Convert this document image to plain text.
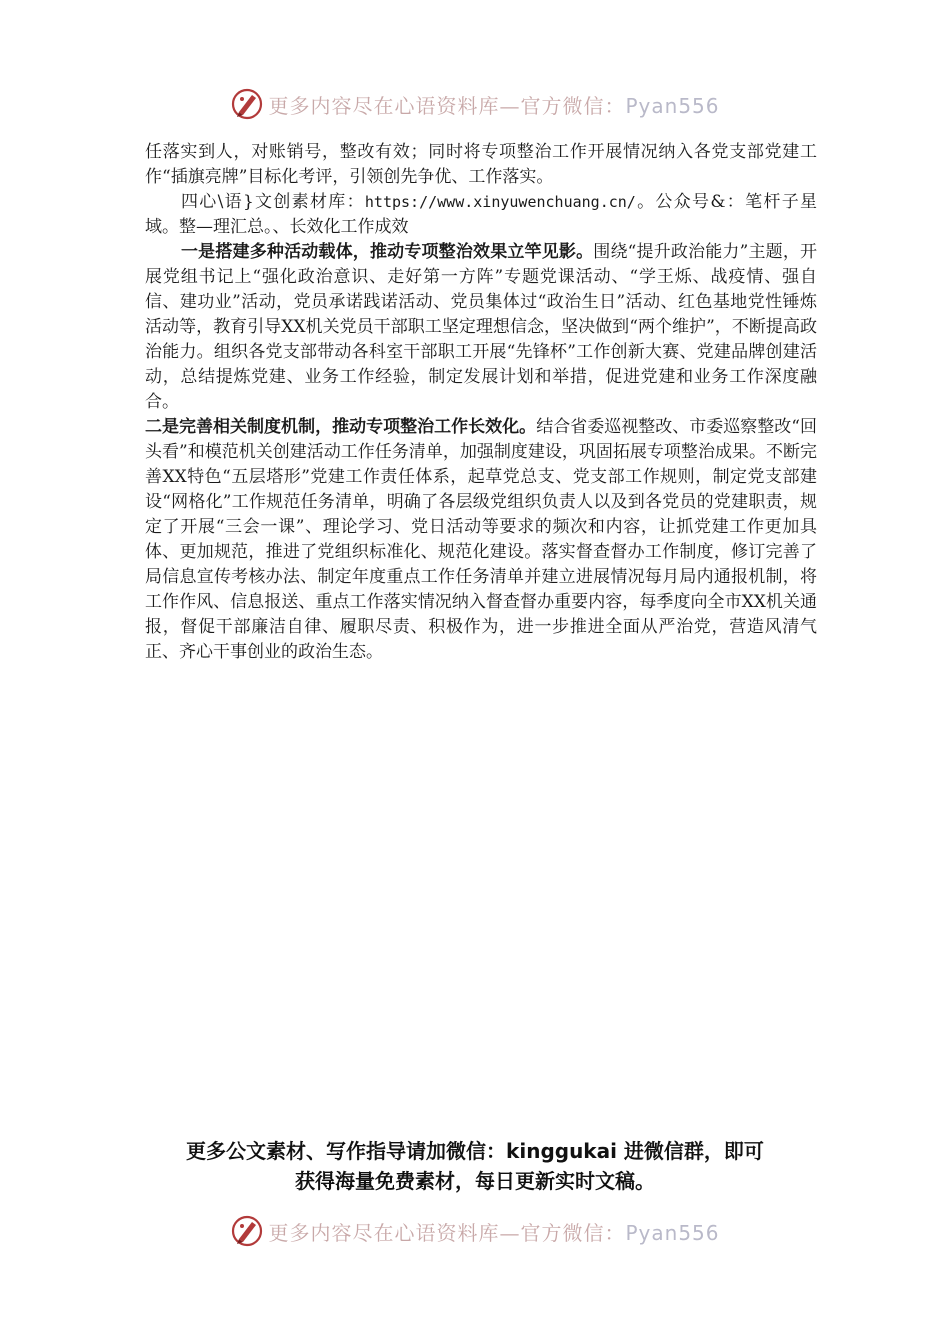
更多内容尽在心语资料库—官方微信：Pyan556

任落实到人，对账销号，整改有效；同时将专项整治工作开展情况纳入各党支部党建工作“插旗亮牌”目标化考评，引领创先争优、工作落实。

四心\语}文创素材库：https://www.xinyuwenchuang.cn/。公众号&：笔杆子星域。整—理汇总。、长效化工作成效

一是搭建多种活动载体，推动专项整治效果立竿见影。围绕“提升政治能力”主题，开展党组书记上“强化政治意识、走好第一方阵”专题党课活动、“学王烁、战疫情、强自信、建功业”活动，党员承诺践诺活动、党员集体过“政治生日”活动、红色基地党性锤炼活动等，教育引导XX机关党员干部职工坚定理想信念，坚决做到“两个维护”，不断提高政治能力。组织各党支部带动各科室干部职工开展“先锋杯”工作创新大赛、党建品牌创建活动，总结提炼党建、业务工作经验，制定发展计划和举措，促进党建和业务工作深度融合。

二是完善相关制度机制，推动专项整治工作长效化。结合省委巡视整改、市委巡察整改“回头看”和模范机关创建活动工作任务清单，加强制度建设，巩固拓展专项整治成果。不断完善XX特色“五层塔形”党建工作责任体系，起草党总支、党支部工作规则，制定党支部建设“网格化”工作规范任务清单，明确了各层级党组织负责人以及到各党员的党建职责，规定了开展“三会一课”、理论学习、党日活动等要求的频次和内容，让抓党建工作更加具体、更加规范，推进了党组织标准化、规范化建设。落实督查督办工作制度，修订完善了局信息宣传考核办法、制定年度重点工作任务清单并建立进展情况每月局内通报机制，将工作作风、信息报送、重点工作落实情况纳入督查督办重要内容，每季度向全市XX机关通报，督促干部廉洁自律、履职尽责、积极作为，进一步推进全面从严治党，营造风清气正、齐心干事创业的政治生态。

更多公文素材、写作指导请加微信：kinggukai 进微信群，即可
获得海量免费素材，每日更新实时文稿。
更多内容尽在心语资料库—官方微信：Pyan556
